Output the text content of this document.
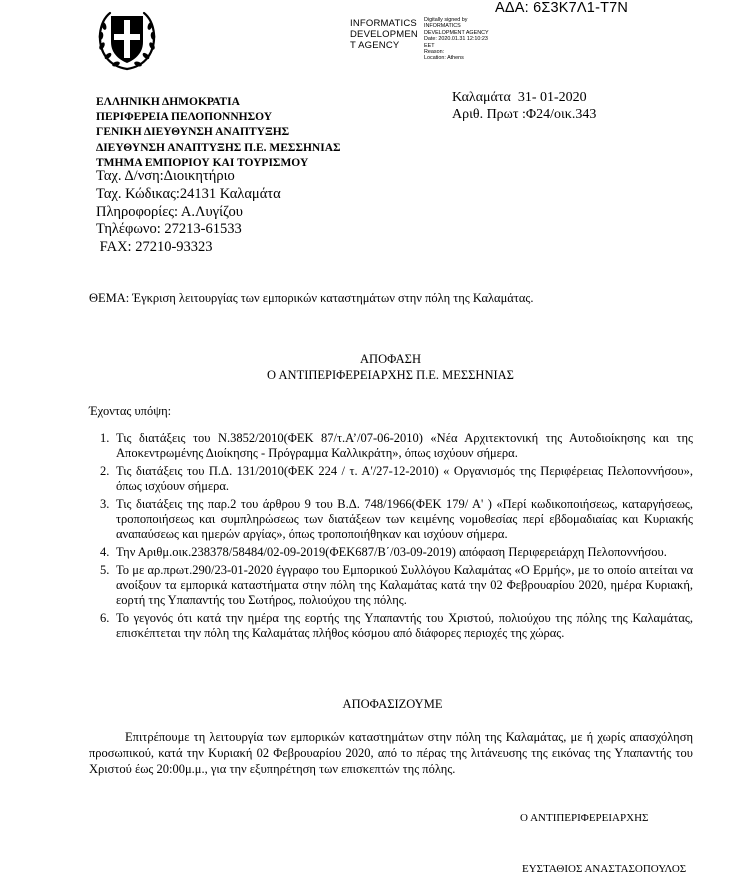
INFORMATICS
DEVELOPMEN
T AGENCY
Digitally signed by
INFORMATICS
DEVELOPMENT AGENCY
Date: 2020.01.31 12:10:23
EET
Reason:
Location: Athens
ΑΔΑ: 6Σ3Κ7Λ1-Τ7Ν
ΕΛΛΗΝΙΚΗ ΔΗΜΟΚΡΑΤΙΑ
ΠΕΡΙΦΕΡΕΙΑ ΠΕΛΟΠΟΝΝΗΣΟΥ
ΓΕΝΙΚΗ ΔΙΕΥΘΥΝΣΗ ΑΝΑΠΤΥΞΗΣ
ΔΙΕΥΘΥΝΣΗ ΑΝΑΠΤΥΞΗΣ Π.Ε. ΜΕΣΣΗΝΙΑΣ
ΤΜΗΜΑ ΕΜΠΟΡΙΟΥ ΚΑΙ ΤΟΥΡΙΣΜΟΥ
Ταχ. Δ/νση:Διοικητήριο
Ταχ. Κώδικας:24131 Καλαμάτα
Πληροφορίες: Α.Λυγίζου
Τηλέφωνο: 27213-61533
FAX: 27210-93323
Καλαμάτα  31- 01-2020
Αριθ. Πρωτ :Φ24/οικ.343
ΘΕΜΑ: Έγκριση λειτουργίας των εμπορικών καταστημάτων στην πόλη της Καλαμάτας.
ΑΠΟΦΑΣΗ
Ο ΑΝΤΙΠΕΡΙΦΕΡΕΙΑΡΧΗΣ Π.Ε. ΜΕΣΣΗΝΙΑΣ
Έχοντας υπόψη:
1. Τις διατάξεις του Ν.3852/2010(ΦΕΚ 87/τ.Α’/07-06-2010) «Νέα Αρχιτεκτονική της Αυτοδιοίκησης και της Αποκεντρωμένης Διοίκησης - Πρόγραμμα Καλλικράτη», όπως ισχύουν σήμερα.
2. Τις διατάξεις του Π.Δ. 131/2010(ΦΕΚ 224 / τ. Α'/27-12-2010) « Οργανισμός της Περιφέρειας Πελοποννήσου», όπως ισχύουν σήμερα.
3. Τις διατάξεις της παρ.2 του άρθρου 9 του Β.Δ. 748/1966(ΦΕΚ 179/ Α' ) «Περί κωδικοποιήσεως, καταργήσεως, τροποποιήσεως και συμπληρώσεως των διατάξεων των κειμένης νομοθεσίας περί εβδομαδιαίας και Κυριακής αναπαύσεως και ημερών αργίας», όπως τροποποιήθηκαν και ισχύουν σήμερα.
4. Την Αριθμ.οικ.238378/58484/02-09-2019(ΦΕΚ687/Β΄/03-09-2019) απόφαση Περιφερειάρχη Πελοποννήσου.
5. Το με αρ.πρωτ.290/23-01-2020 έγγραφο του Εμπορικού Συλλόγου Καλαμάτας «Ο Ερμής», με το οποίο αιτείται να ανοίξουν τα εμπορικά καταστήματα στην πόλη της Καλαμάτας κατά την 02 Φεβρουαρίου 2020, ημέρα Κυριακή, εορτή της Υπαπαντής του Σωτήρος, πολιούχου της πόλης.
6. Το γεγονός ότι κατά την ημέρα της εορτής της Υπαπαντής του Χριστού, πολιούχου της πόλης της Καλαμάτας, επισκέπτεται την πόλη της Καλαμάτας πλήθος κόσμου από διάφορες περιοχές της χώρας.
ΑΠΟΦΑΣΙΖΟΥΜΕ
Επιτρέπουμε τη λειτουργία των εμπορικών καταστημάτων στην πόλη της Καλαμάτας, με ή χωρίς απασχόληση προσωπικού, κατά την Κυριακή 02 Φεβρουαρίου 2020, από το πέρας της λιτάνευσης της εικόνας της Υπαπαντής του Χριστού έως 20:00μ.μ., για την εξυπηρέτηση των επισκεπτών της πόλης.
Ο ΑΝΤΙΠΕΡΙΦΕΡΕΙΑΡΧΗΣ
ΕΥΣΤΑΘΙΟΣ ΑΝΑΣΤΑΣΟΠΟΥΛΟΣ
